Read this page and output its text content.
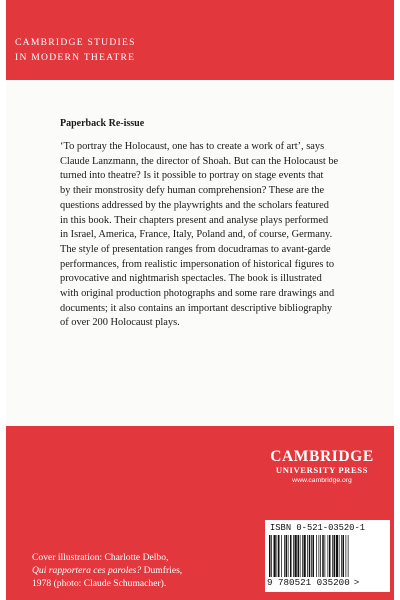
CAMBRIDGE STUDIES
IN MODERN THEATRE
Paperback Re-issue
‘To portray the Holocaust, one has to create a work of art’, says
Claude Lanzmann, the director of Shoah. But can the Holocaust be
turned into theatre? Is it possible to portray on stage events that
by their monstrosity defy human comprehension? These are the
questions addressed by the playwrights and the scholars featured
in this book. Their chapters present and analyse plays performed
in Israel, America, France, Italy, Poland and, of course, Germany.
The style of presentation ranges from docudramas to avant-garde
performances, from realistic impersonation of historical figures to
provocative and nightmarish spectacles. The book is illustrated
with original production photographs and some rare drawings and
documents; it also contains an important descriptive bibliography
of over 200 Holocaust plays.
CAMBRIDGE
UNIVERSITY PRESS
www.cambridge.org
ISBN 0-521-03520-1
9 780521 035200 >
Cover illustration: Charlotte Delbo,
Qui rapportera ces paroles? Dumfries,
1978 (photo: Claude Schumacher).
